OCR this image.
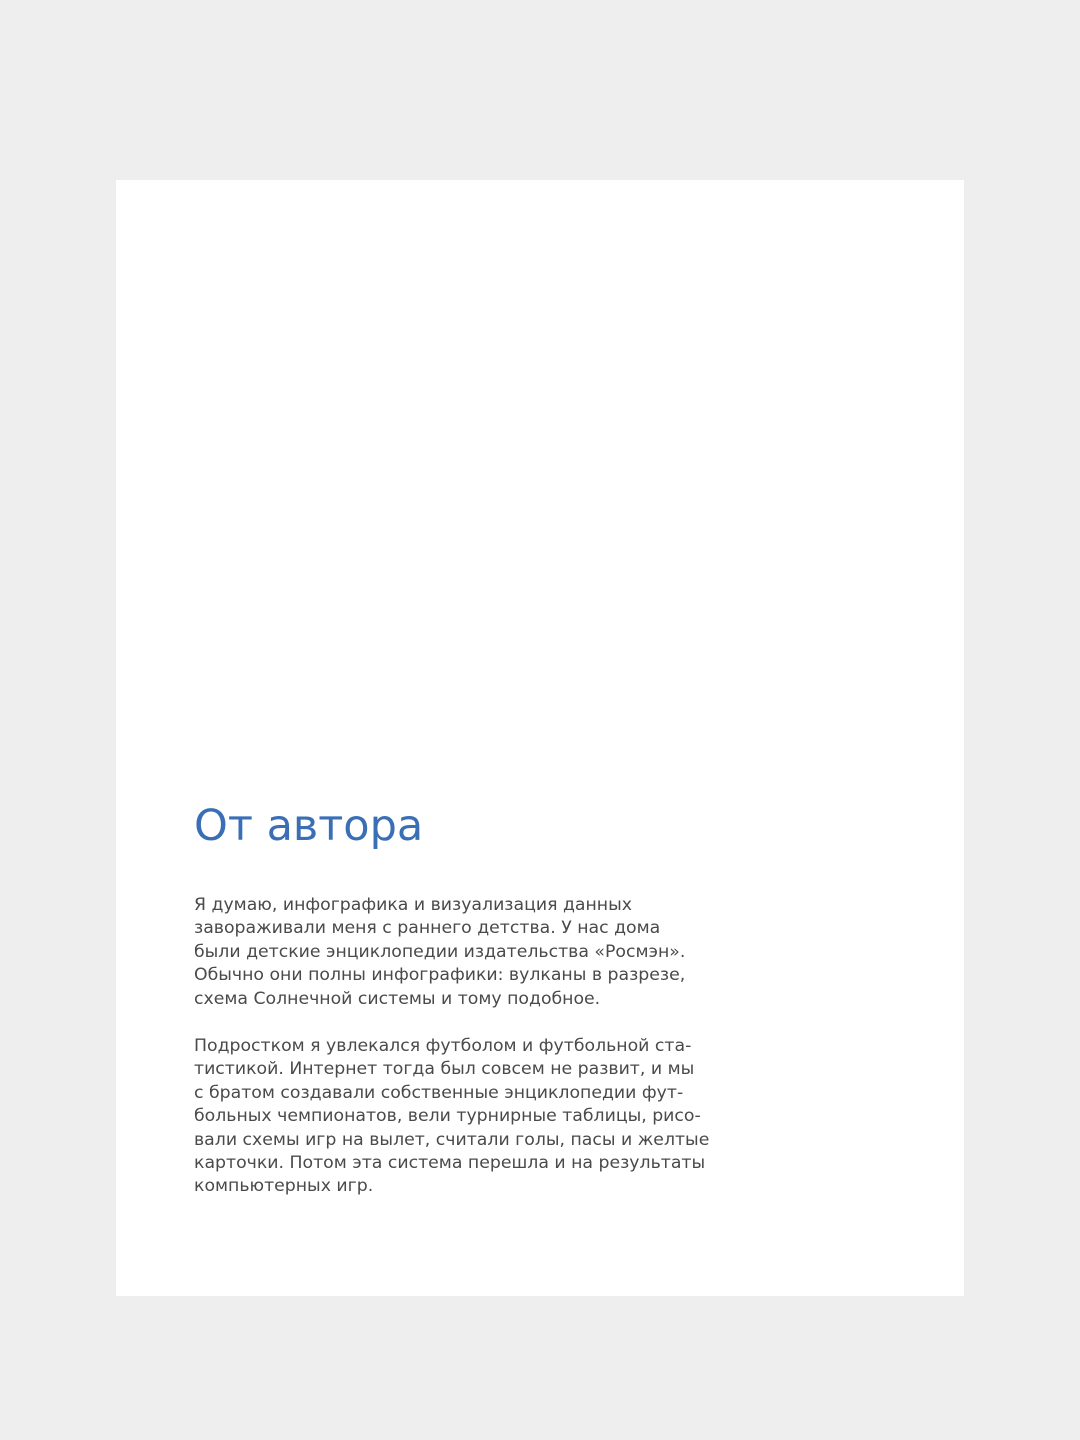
От автора

Я думаю, инфографика и визуализация данных
завораживали меня с раннего детства. У нас дома
были детские энциклопедии издательства «Росмэн».
Обычно они полны инфографики: вулканы в разрезе,
схема Солнечной системы и тому подобное.

Подростком я увлекался футболом и футбольной ста-
тистикой. Интернет тогда был совсем не развит, и мы
с братом создавали собственные энциклопедии фут-
больных чемпионатов, вели турнирные таблицы, рисо-
вали схемы игр на вылет, считали голы, пасы и желтые
карточки. Потом эта система перешла и на результаты
компьютерных игр.
